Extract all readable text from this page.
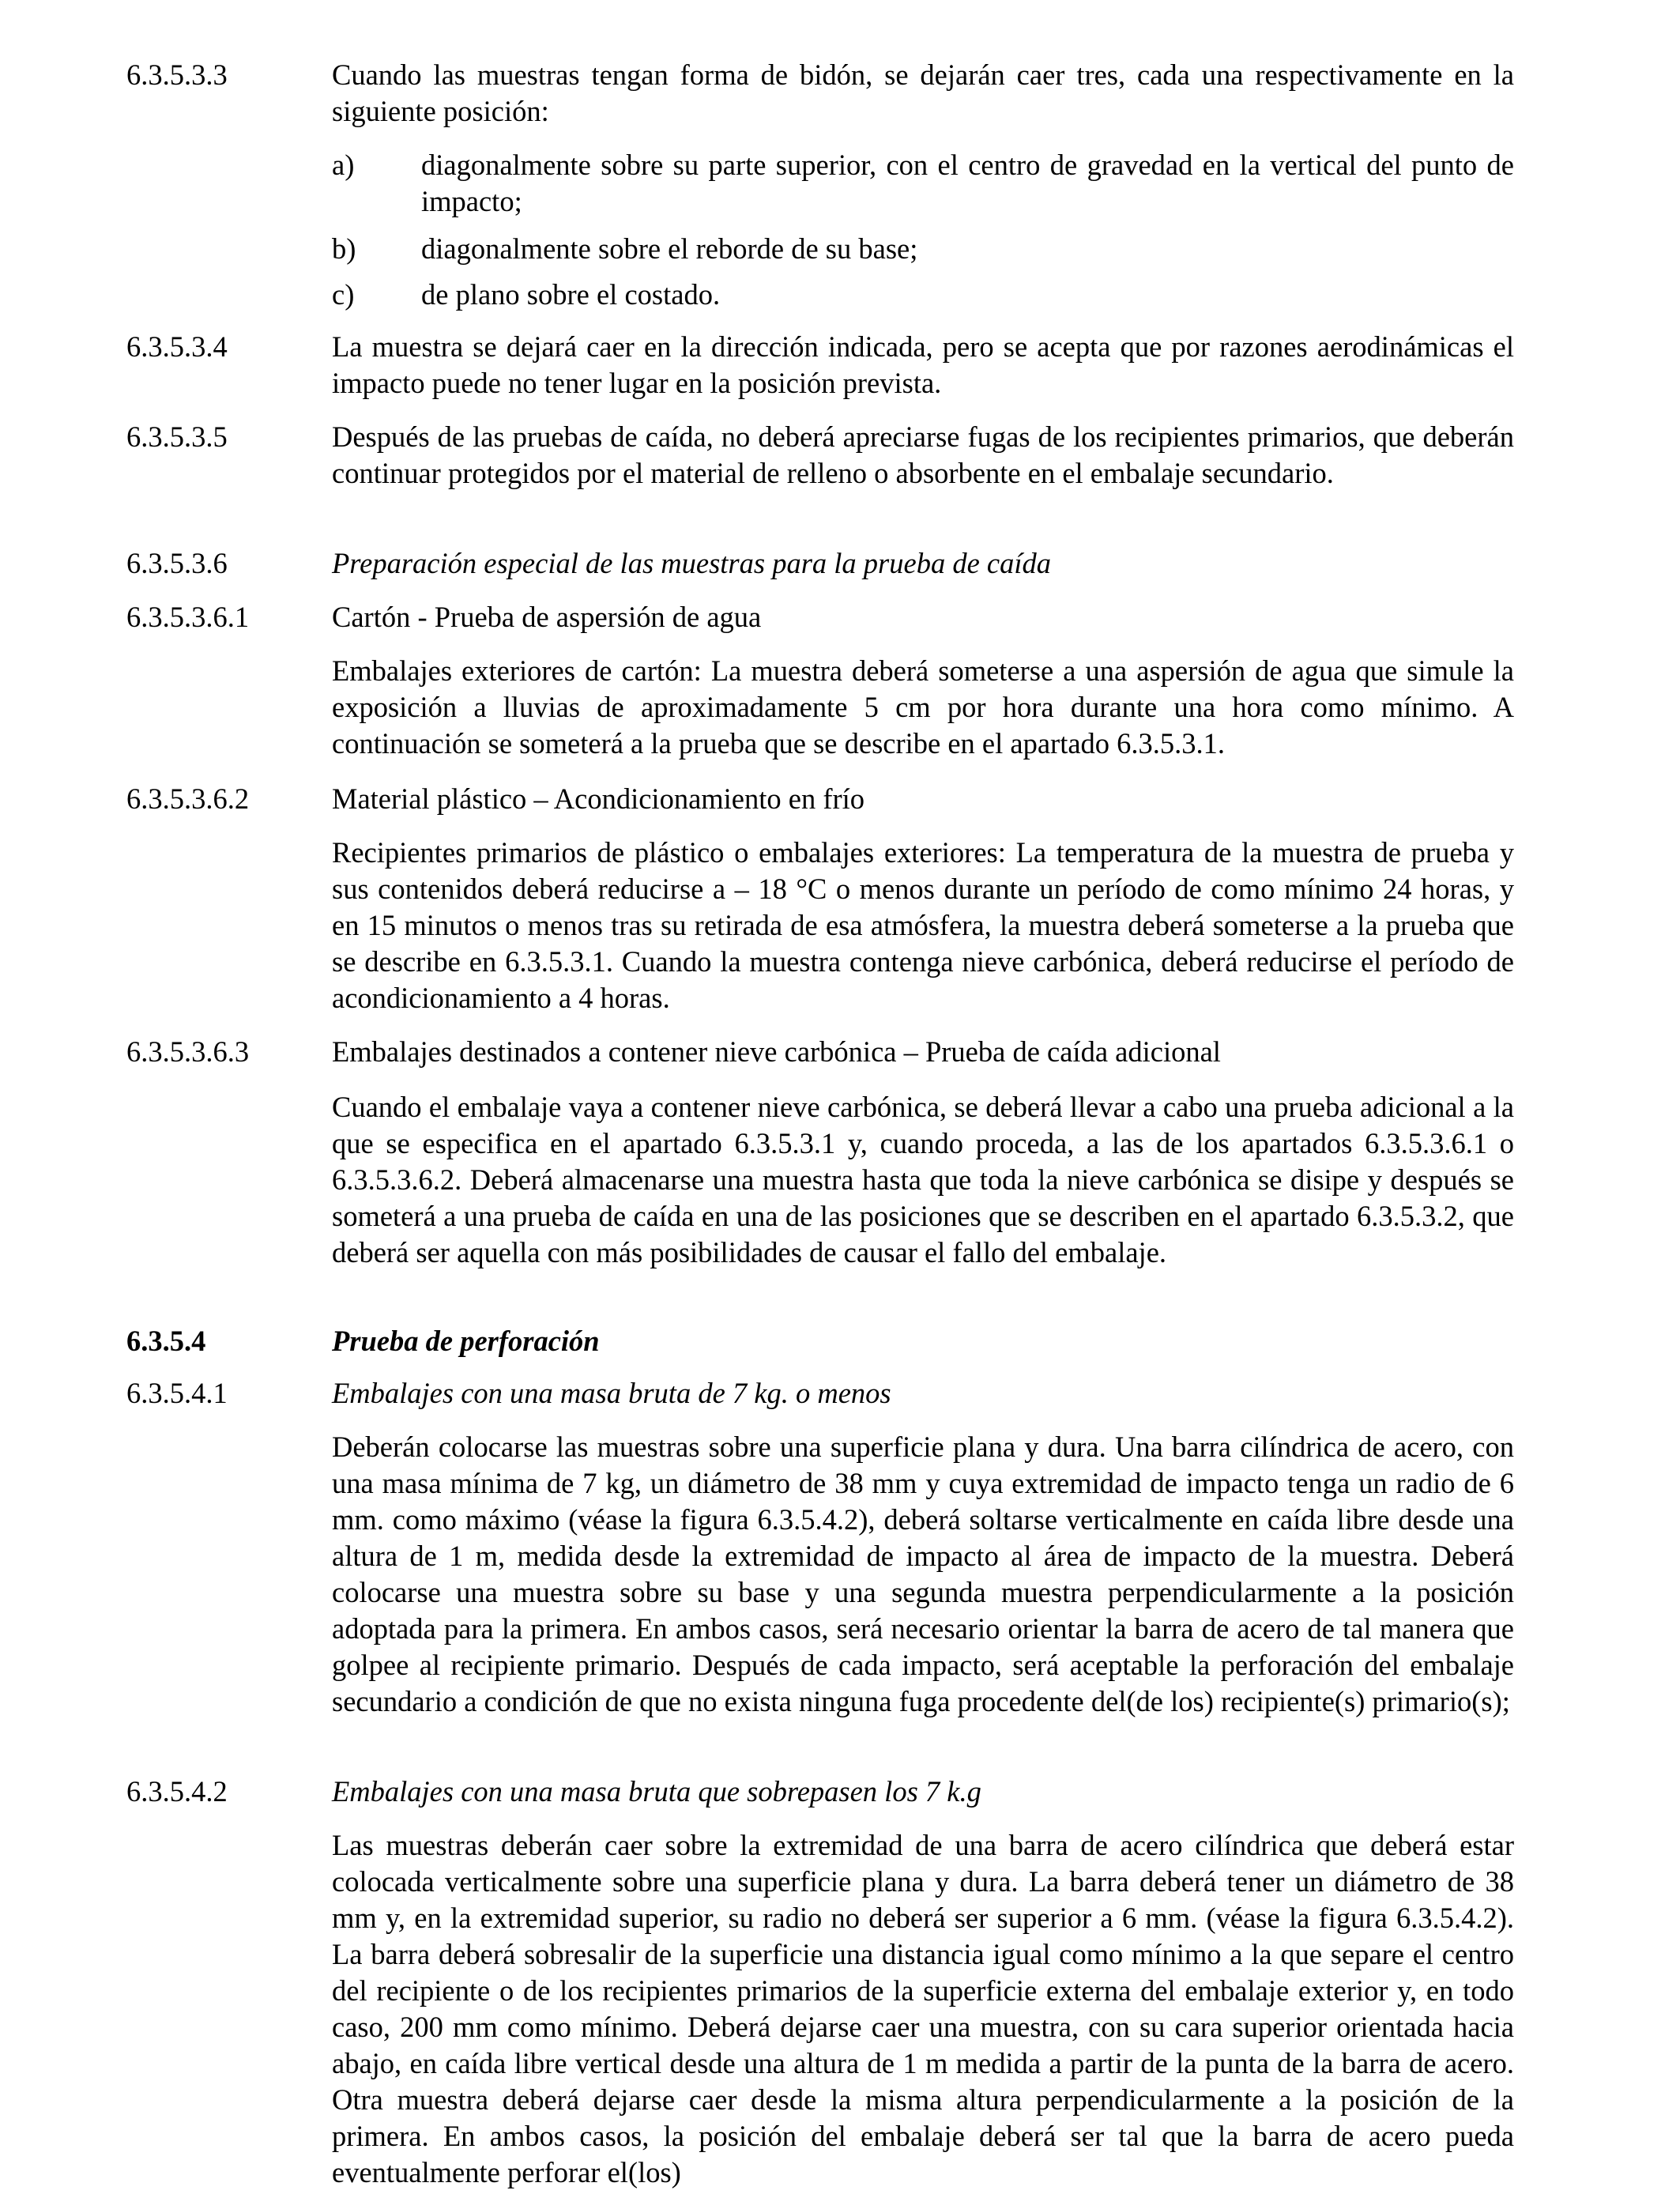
6.3.5.3.3	Cuando las muestras tengan forma de bidón, se dejarán caer tres, cada una respectivamente en la siguiente posición:
a) diagonalmente sobre su parte superior, con el centro de gravedad en la vertical del punto de impacto;
b) diagonalmente sobre el reborde de su base;
c) de plano sobre el costado.
6.3.5.3.4	La muestra se dejará caer en la dirección indicada, pero se acepta que por razones aerodinámicas el impacto puede no tener lugar en la posición prevista.
6.3.5.3.5	Después de las pruebas de caída, no deberá apreciarse fugas de los recipientes primarios, que deberán continuar protegidos por el material de relleno o absorbente en el embalaje secundario.
6.3.5.3.6	Preparación especial de las muestras para la prueba de caída
6.3.5.3.6.1	Cartón - Prueba de aspersión de agua
Embalajes exteriores de cartón: La muestra deberá someterse a una aspersión de agua que simule la exposición a lluvias de aproximadamente 5 cm por hora durante una hora como mínimo. A continuación se someterá a la prueba que se describe en el apartado 6.3.5.3.1.
6.3.5.3.6.2	Material plástico – Acondicionamiento en frío
Recipientes primarios de plástico o embalajes exteriores: La temperatura de la muestra de prueba y sus contenidos deberá reducirse a – 18 °C o menos durante un período de como mínimo 24 horas, y en 15 minutos o menos tras su retirada de esa atmósfera, la muestra deberá someterse a la prueba que se describe en 6.3.5.3.1. Cuando la muestra contenga nieve carbónica, deberá reducirse el período de acondicionamiento a 4 horas.
6.3.5.3.6.3	Embalajes destinados a contener nieve carbónica – Prueba de caída adicional
Cuando el embalaje vaya a contener nieve carbónica, se deberá llevar a cabo una prueba adicional a la que se especifica en el apartado 6.3.5.3.1 y, cuando proceda, a las de los apartados 6.3.5.3.6.1 o 6.3.5.3.6.2. Deberá almacenarse una muestra hasta que toda la nieve carbónica se disipe y después se someterá a una prueba de caída en una de las posiciones que se describen en el apartado 6.3.5.3.2, que deberá ser aquella con más posibilidades de causar el fallo del embalaje.
6.3.5.4	Prueba de perforación
6.3.5.4.1	Embalajes con una masa bruta de 7 kg. o menos
Deberán colocarse las muestras sobre una superficie plana y dura. Una barra cilíndrica de acero, con una masa mínima de 7 kg, un diámetro de 38 mm y cuya extremidad de impacto tenga un radio de 6 mm. como máximo (véase la figura 6.3.5.4.2), deberá soltarse verticalmente en caída libre desde una altura de 1 m, medida desde la extremidad de impacto al área de impacto de la muestra. Deberá colocarse una muestra sobre su base y una segunda muestra perpendicularmente a la posición adoptada para la primera. En ambos casos, será necesario orientar la barra de acero de tal manera que golpee al recipiente primario. Después de cada impacto, será aceptable la perforación del embalaje secundario a condición de que no exista ninguna fuga procedente del(de los) recipiente(s) primario(s);
6.3.5.4.2	Embalajes con una masa bruta que sobrepasen los 7 k.g
Las muestras deberán caer sobre la extremidad de una barra de acero cilíndrica que deberá estar colocada verticalmente sobre una superficie plana y dura. La barra deberá tener un diámetro de 38 mm y, en la extremidad superior, su radio no deberá ser superior a 6 mm. (véase la figura 6.3.5.4.2). La barra deberá sobresalir de la superficie una distancia igual como mínimo a la que separe el centro del recipiente o de los recipientes primarios de la superficie externa del embalaje exterior y, en todo caso, 200 mm como mínimo. Deberá dejarse caer una muestra, con su cara superior orientada hacia abajo, en caída libre vertical desde una altura de 1 m medida a partir de la punta de la barra de acero. Otra muestra deberá dejarse caer desde la misma altura perpendicularmente a la posición de la primera. En ambos casos, la posición del embalaje deberá ser tal que la barra de acero pueda eventualmente perforar el(los)
